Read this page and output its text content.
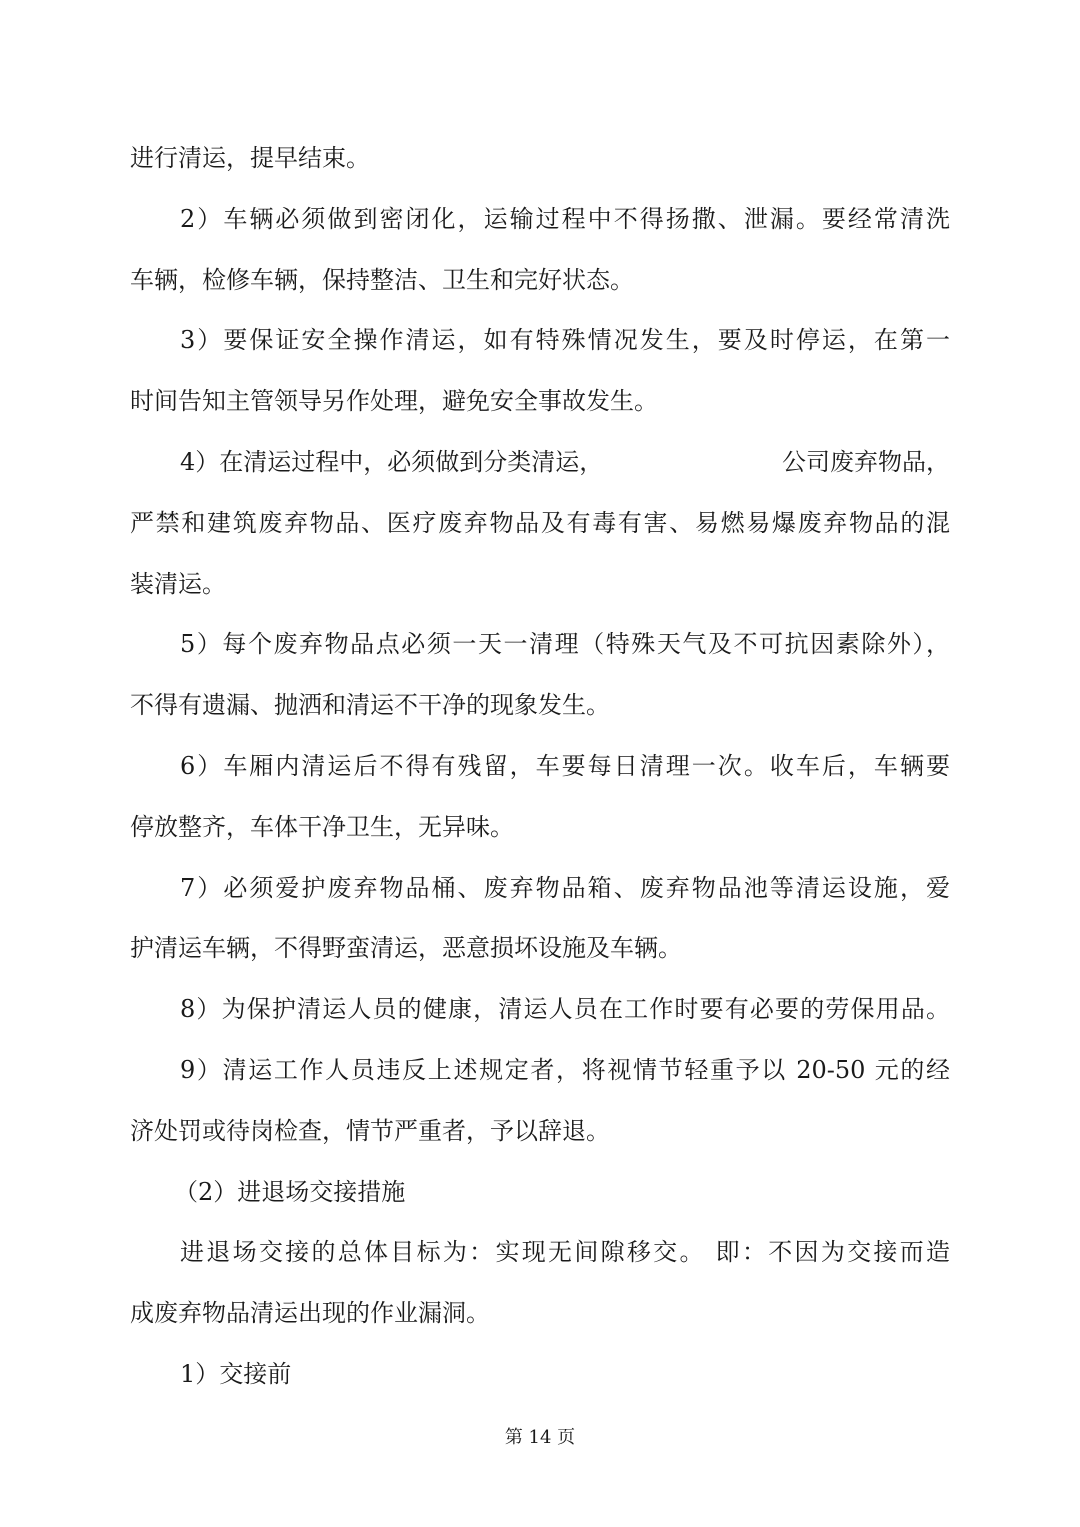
进行清运，提早结束。
2）车辆必须做到密闭化，运输过程中不得扬撒、泄漏。要经常清洗
车辆，检修车辆，保持整洁、卫生和完好状态。
3）要保证安全操作清运，如有特殊情况发生，要及时停运，在第一
时间告知主管领导另作处理，避免安全事故发生。
4）在清运过程中，必须做到分类清运，	公司废弃物品，
严禁和建筑废弃物品、医疗废弃物品及有毒有害、易燃易爆废弃物品的混
装清运。
5）每个废弃物品点必须一天一清理（特殊天气及不可抗因素除外），
不得有遗漏、抛洒和清运不干净的现象发生。
6）车厢内清运后不得有残留，车要每日清理一次。收车后，车辆要
停放整齐，车体干净卫生，无异味。
7）必须爱护废弃物品桶、废弃物品箱、废弃物品池等清运设施，爱
护清运车辆，不得野蛮清运，恶意损坏设施及车辆。
8）为保护清运人员的健康，清运人员在工作时要有必要的劳保用品。
9）清运工作人员违反上述规定者，将视情节轻重予以 20-50 元的经
济处罚或待岗检查，情节严重者，予以辞退。
（2）进退场交接措施
进退场交接的总体目标为：实现无间隙移交。 即：不因为交接而造
成废弃物品清运出现的作业漏洞。
1）交接前
第 14 页
